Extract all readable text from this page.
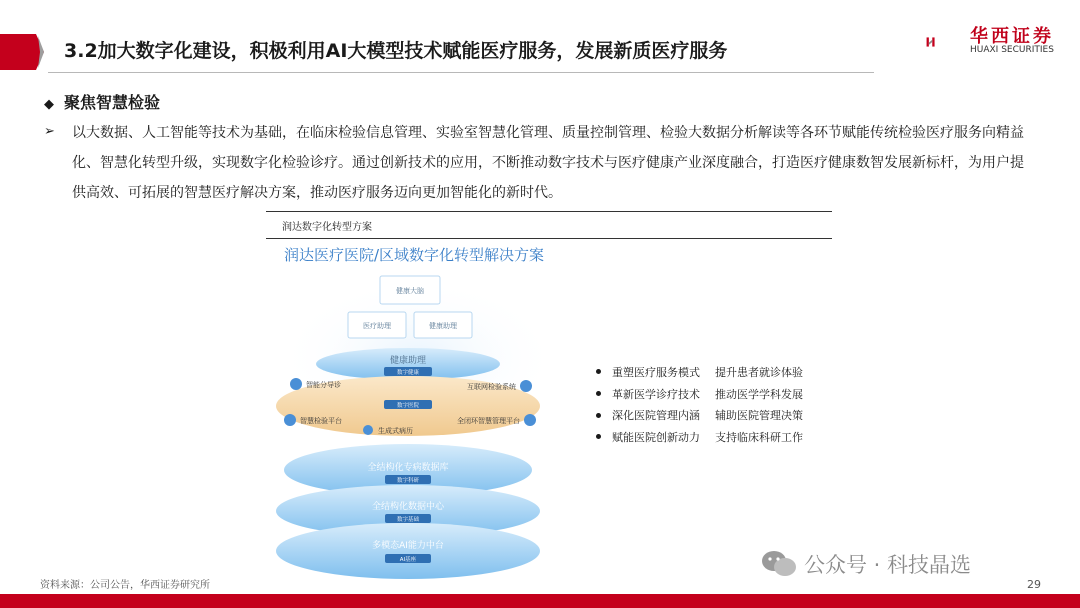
3.2加大数字化建设，积极利用AI大模型技术赋能医疗服务，发展新质医疗服务
华西证券
HUAXI SECURITIES
◆ 聚焦智慧检验
➢ 以大数据、人工智能等技术为基础，在临床检验信息管理、实验室智慧化管理、质量控制管理、检验大数据分析解读等各环节赋能传统检验医疗服务向精益化、智慧化转型升级，实现数字化检验诊疗。通过创新技术的应用，不断推动数字技术与医疗健康产业深度融合，打造医疗健康数智发展新标杆，为用户提供高效、可拓展的智慧医疗解决方案，推动医疗服务迈向更加智能化的新时代。
润达数字化转型方案
润达医疗医院/区域数字化转型解决方案
健康大脑
医疗助理	健康助理
健康助理
数字健康
数字医院
智能分导诊	互联网检验系统
智慧检验平台	全闭环智慧管理平台
生成式病历
全结构化专病数据库
数字科研
全结构化数据中心
数字基础
多模态AI能力中台
AI基座
重塑医疗服务模式	提升患者就诊体验
革新医学诊疗技术	推动医学学科发展
深化医院管理内涵	辅助医院管理决策
赋能医院创新动力	支持临床科研工作
资料来源：公司公告，华西证券研究所
公众号 · 科技晶选
29
